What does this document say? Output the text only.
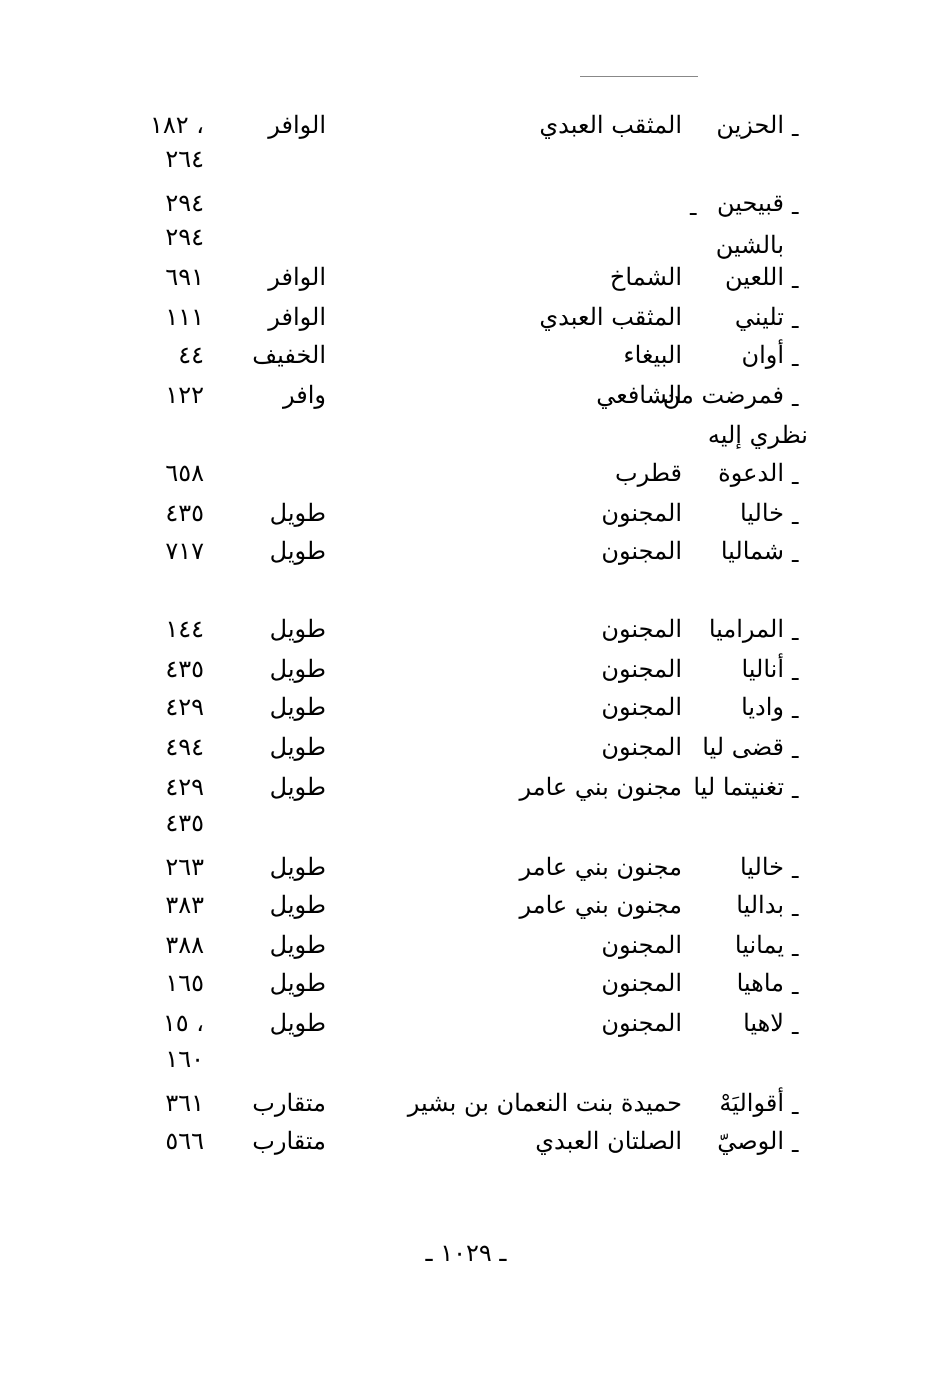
ـ
الحزين
المثقب العبدي
الوافر
١٨٢ ،
٢٦٤
ـ
قبيحين
٢٩٤
بالشين
٢٩٤
ـ
اللعين
الشماخ
الوافر
٦٩١
ـ
تليني
المثقب العبدي
الوافر
١١١
ـ
أوان
البيغاء
الخفيف
٤٤
ـ
فمرضت من
الشافعي
وافر
١٢٢
نظري إليه
ـ
الدعوة
قطرب
٦٥٨
ـ
خاليا
المجنون
طويل
٤٣٥
ـ
شماليا
المجنون
طويل
٧١٧
ـ
المراميا
المجنون
طويل
١٤٤
ـ
أناليا
المجنون
طويل
٤٣٥
ـ
واديا
المجنون
طويل
٤٢٩
ـ
قضى ليا
المجنون
طويل
٤٩٤
ـ
تغنيتما ليا
مجنون بني عامر
طويل
٤٢٩
٤٣٥
ـ
خاليا
مجنون بني عامر
طويل
٢٦٣
ـ
بداليا
مجنون بني عامر
طويل
٣٨٣
ـ
يمانيا
المجنون
طويل
٣٨٨
ـ
ماهيا
المجنون
طويل
١٦٥
ـ
لاهيا
المجنون
طويل
١٥ ،
١٦٠
ـ
أقواليَهْ
حميدة بنت النعمان بن بشير
متقارب
٣٦١
ـ
الوصيّ
الصلتان العبدي
متقارب
٥٦٦
ـ
ـ ١٠٢٩ ـ
